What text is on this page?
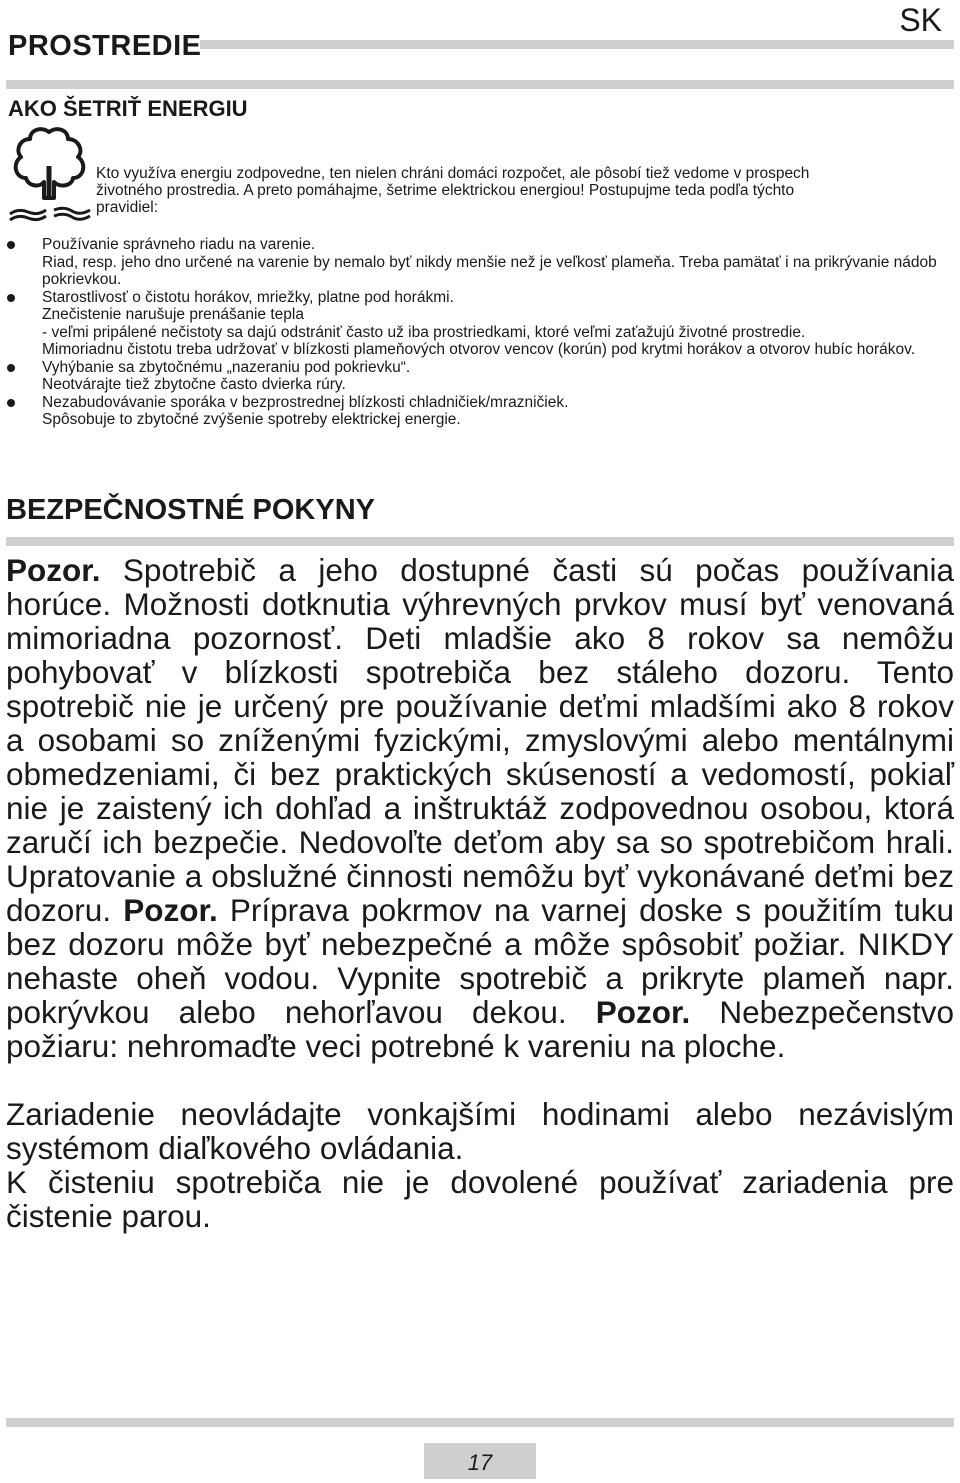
SK
PROSTREDIE
AKO ŠETRIŤ ENERGIU
Kto využíva energiu zodpovedne, ten nielen chráni domáci rozpočet, ale pôsobí tiež vedome v prospech
životného prostredia. A preto pomáhajme, šetrime elektrickou energiou! Postupujme teda podľa týchto
pravidiel:
Používanie správneho riadu na varenie.
Riad, resp. jeho dno určené na varenie by nemalo byť nikdy menšie než je veľkosť plameňa. Treba pamätať i na prikrývanie nádob pokrievkou.
Starostlivosť o čistotu horákov, mriežky, platne pod horákmi.
Znečistenie narušuje prenášanie tepla
- veľmi pripálené nečistoty sa dajú odstrániť často už iba prostriedkami, ktoré veľmi zaťažujú životné prostredie.
Mimoriadnu čistotu treba udržovať v blízkosti plameňových otvorov vencov (korún) pod krytmi horákov a otvorov hubíc horákov.
Vyhýbanie sa zbytočnému „nazeraniu pod pokrievku“.
Neotvárajte tiež zbytočne často dvierka rúry.
Nezabudovávanie sporáka v bezprostrednej blízkosti chladničiek/mrazničiek.
Spôsobuje to zbytočné zvýšenie spotreby elektrickej energie.
BEZPEČNOSTNÉ POKYNY

Pozor. Spotrebič a jeho dostupné časti sú počas používania horúce. Možnosti dotknutia výhrevných prvkov musí byť venovaná mimoriadna pozornosť. Deti mladšie ako 8 rokov sa nemôžu pohybovať v blízkosti spotrebiča bez stáleho dozoru. Tento spotrebič nie je určený pre používanie deťmi mladšími ako 8 rokov a osobami so zníženými fyzickými, zmyslovými alebo mentálnymi obmedzeniami, či bez praktických skúseností a vedomostí, pokiaľ nie je zaistený ich dohľad a inštruktáž zodpovednou osobou, ktorá zaručí ich bezpečie. Nedovoľte deťom aby sa so spotrebičom hrali. Upratovanie a obslužné činnosti nemôžu byť vykonávané deťmi bez dozoru. Pozor. Príprava pokrmov na varnej doske s použitím tuku bez dozoru môže byť nebezpečné a môže spôsobiť požiar. NIKDY nehaste oheň vodou. Vypnite spotrebič a prikryte plameň napr. pokrývkou alebo nehorľavou dekou. Pozor. Nebezpečenstvo požiaru: nehromaďte veci potrebné k vareniu na ploche.

Zariadenie neovládajte vonkajšími hodinami alebo nezávislým systémom diaľkového ovládania.
K čisteniu spotrebiča nie je dovolené používať zariadenia pre čistenie parou.

17
